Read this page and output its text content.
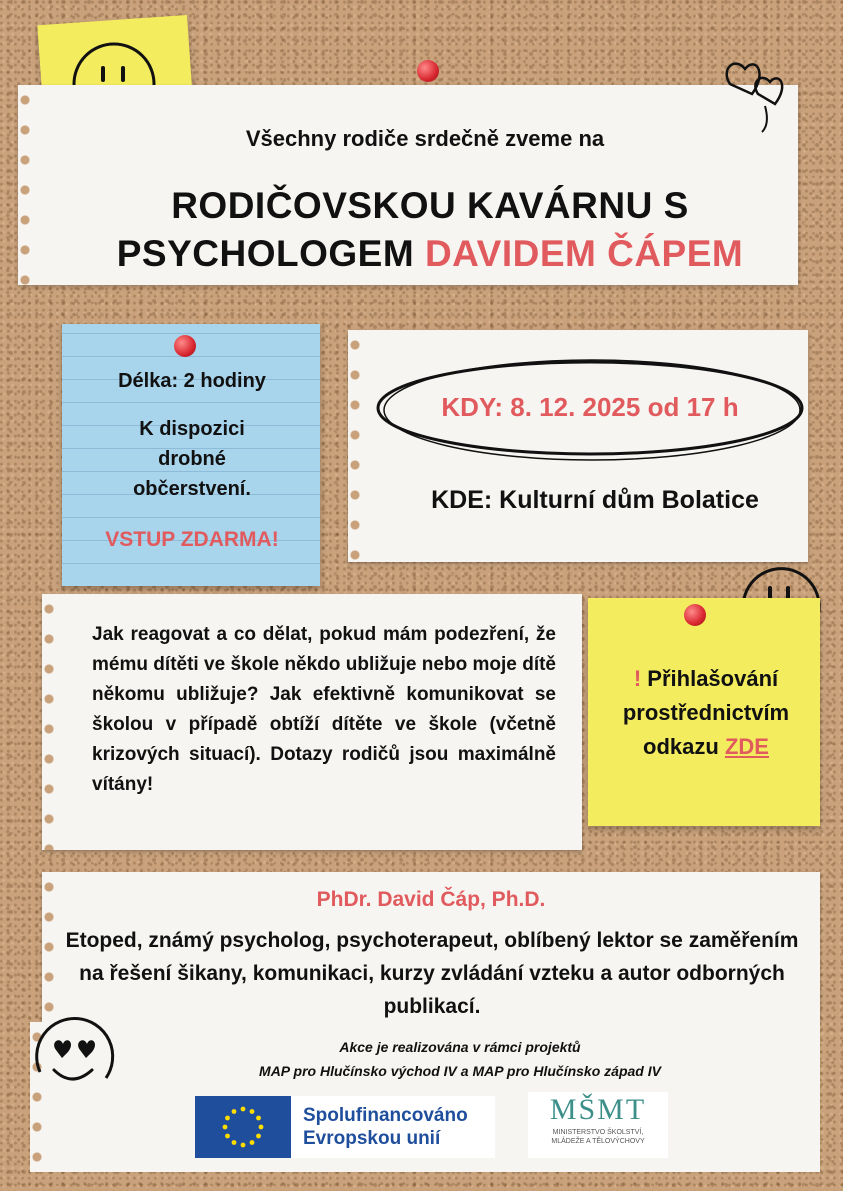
Všechny rodiče srdečně zveme na
RODIČOVSKOU KAVÁRNU S
PSYCHOLOGEM DAVIDEM ČÁPEM
Délka: 2 hodiny
K dispozici drobné občerstvení.
VSTUP ZDARMA!
KDY: 8. 12. 2025 od 17 h
KDE: Kulturní dům Bolatice
Jak reagovat a co dělat, pokud mám podezření, že mému dítěti ve škole někdo ubližuje nebo moje dítě někomu ubližuje? Jak efektivně komunikovat se školou v případě obtíží dítěte ve škole (včetně krizových situací). Dotazy rodičů jsou maximálně vítány!
! Přihlašování
prostřednictvím
odkazu ZDE
PhDr. David Čáp, Ph.D.
Etoped, známý psycholog, psychoterapeut, oblíbený lektor se zaměřením na řešení šikany, komunikaci, kurzy zvládání vzteku a autor odborných publikací.
Akce je realizována v rámci projektů
MAP pro Hlučínsko východ IV a MAP pro Hlučínsko západ IV
Spolufinancováno
Evropskou unií
MŠMT
MINISTERSTVO ŠKOLSTVÍ,
MLÁDEŽE A TĚLOVÝCHOVY
